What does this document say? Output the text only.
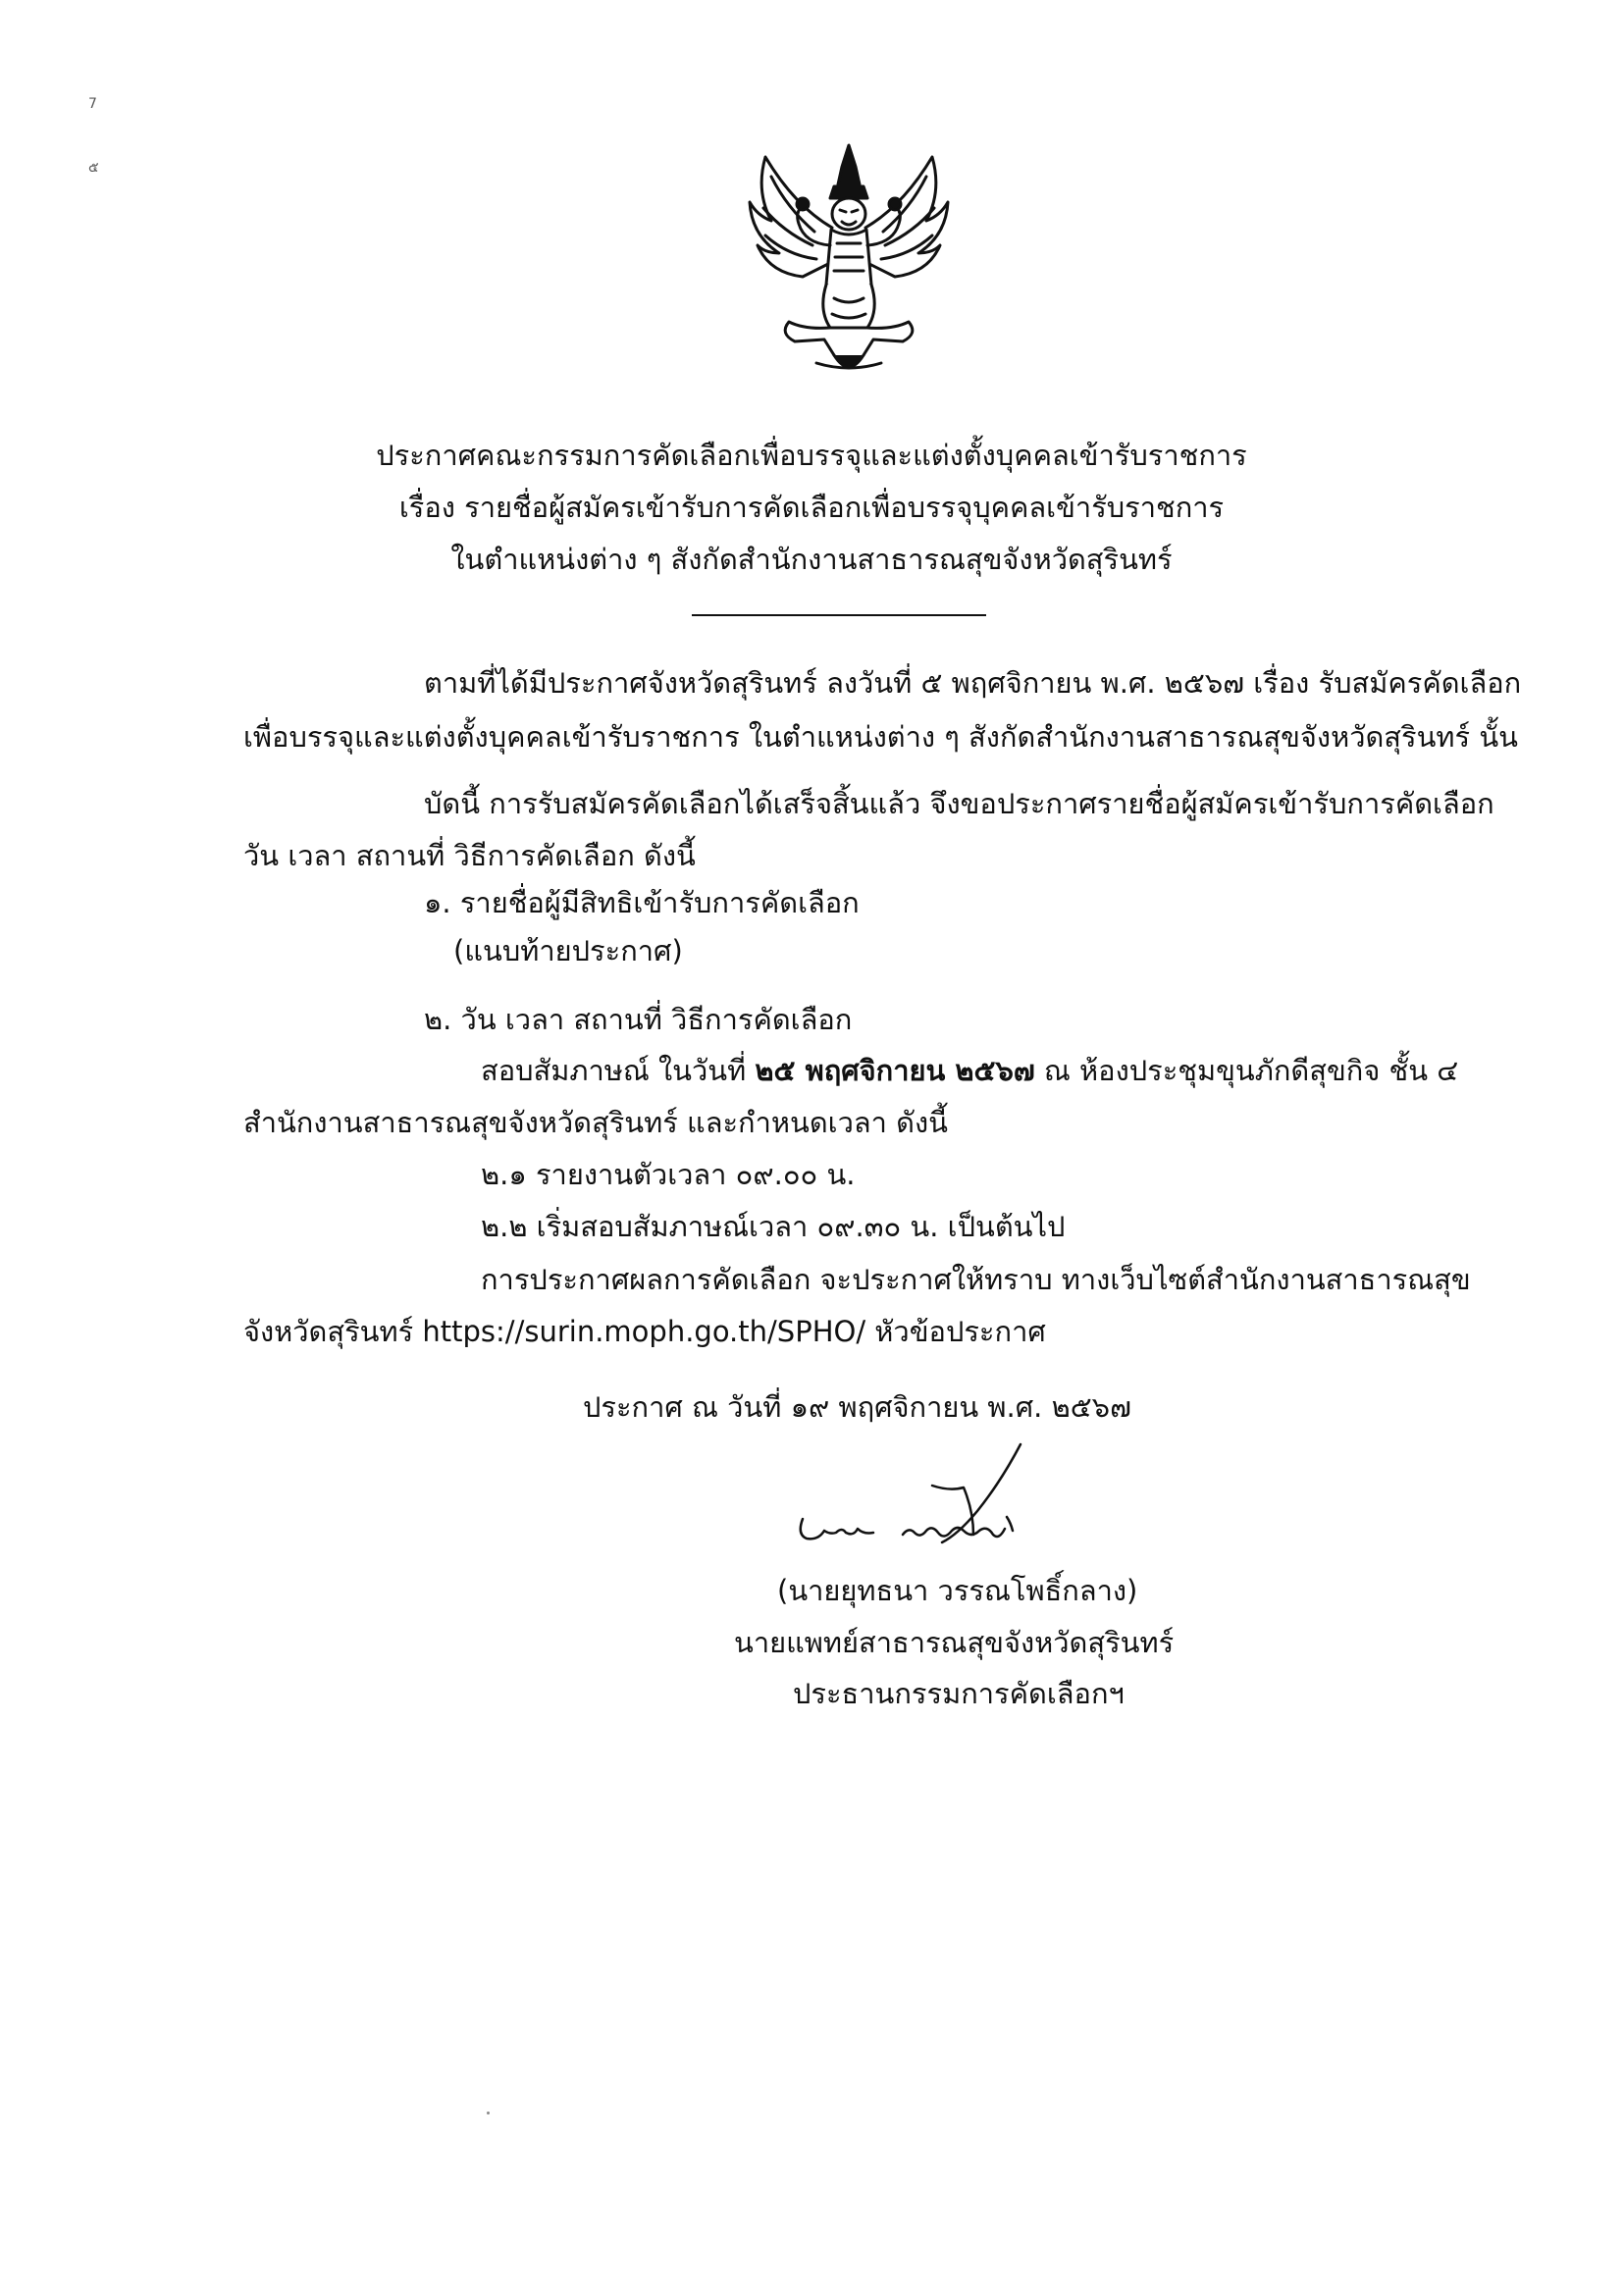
7
๕
ประกาศคณะกรรมการคัดเลือกเพื่อบรรจุและแต่งตั้งบุคคลเข้ารับราชการ
เรื่อง รายชื่อผู้สมัครเข้ารับการคัดเลือกเพื่อบรรจุบุคคลเข้ารับราชการ
ในตำแหน่งต่าง ๆ สังกัดสำนักงานสาธารณสุขจังหวัดสุรินทร์
ตามที่ได้มีประกาศจังหวัดสุรินทร์ ลงวันที่ ๕ พฤศจิกายน พ.ศ. ๒๕๖๗ เรื่อง รับสมัครคัดเลือก
เพื่อบรรจุและแต่งตั้งบุคคลเข้ารับราชการ ในตำแหน่งต่าง ๆ สังกัดสำนักงานสาธารณสุขจังหวัดสุรินทร์ นั้น
บัดนี้ การรับสมัครคัดเลือกได้เสร็จสิ้นแล้ว จึงขอประกาศรายชื่อผู้สมัครเข้ารับการคัดเลือก
วัน เวลา สถานที่ วิธีการคัดเลือก ดังนี้
๑. รายชื่อผู้มีสิทธิเข้ารับการคัดเลือก
(แนบท้ายประกาศ)
๒. วัน เวลา สถานที่ วิธีการคัดเลือก
สอบสัมภาษณ์ ในวันที่ ๒๕ พฤศจิกายน ๒๕๖๗ ณ ห้องประชุมขุนภักดีสุขกิจ ชั้น ๔
สำนักงานสาธารณสุขจังหวัดสุรินทร์ และกำหนดเวลา ดังนี้
๒.๑ รายงานตัวเวลา ๐๙.๐๐ น.
๒.๒ เริ่มสอบสัมภาษณ์เวลา ๐๙.๓๐ น. เป็นต้นไป
การประกาศผลการคัดเลือก จะประกาศให้ทราบ ทางเว็บไซต์สำนักงานสาธารณสุข
จังหวัดสุรินทร์ https://surin.moph.go.th/SPHO/ หัวข้อประกาศ
ประกาศ ณ วันที่ ๑๙ พฤศจิกายน พ.ศ. ๒๕๖๗
(นายยุทธนา วรรณโพธิ์กลาง)
นายแพทย์สาธารณสุขจังหวัดสุรินทร์
ประธานกรรมการคัดเลือกฯ
